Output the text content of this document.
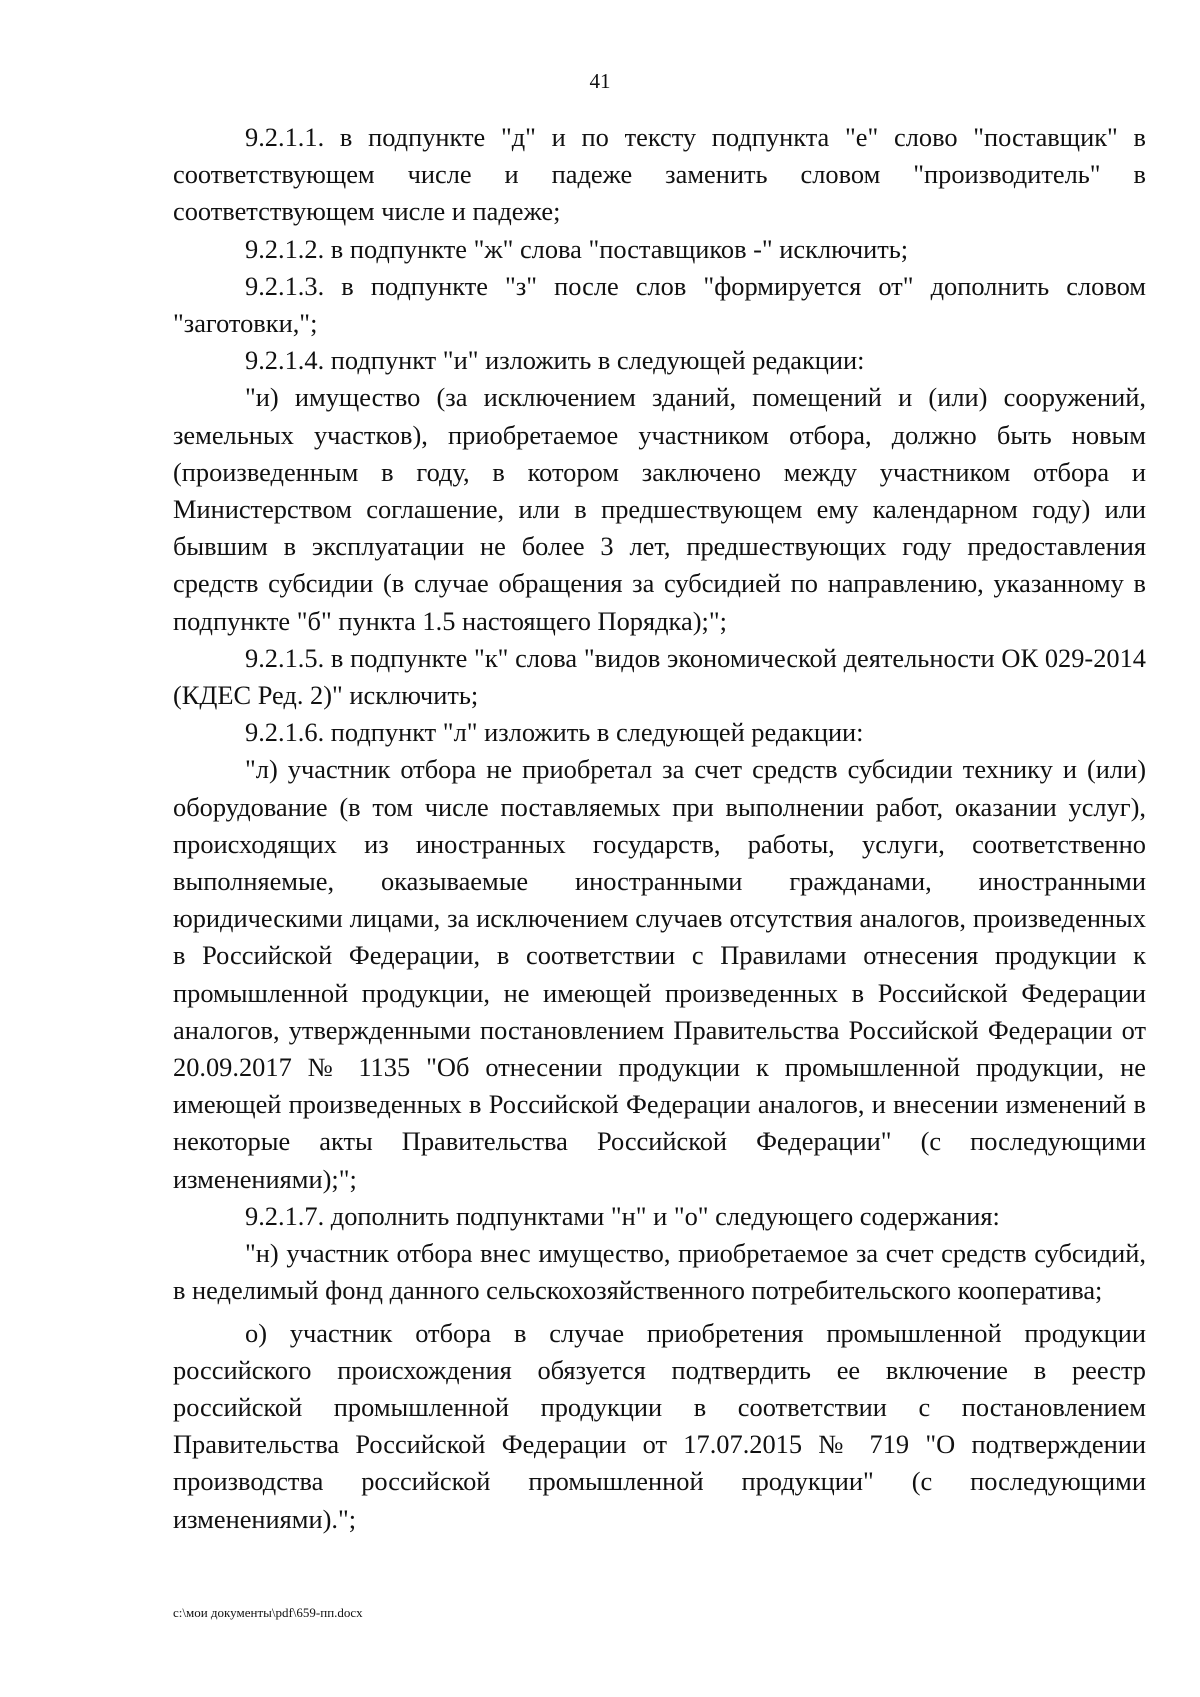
41

9.2.1.1. в подпункте "д" и по тексту подпункта "е" слово "поставщик" в соответствующем числе и падеже заменить словом "производитель" в соответствующем числе и падеже;

9.2.1.2. в подпункте "ж" слова "поставщиков -" исключить;

9.2.1.3. в подпункте "з" после слов "формируется от" дополнить словом "заготовки,";

9.2.1.4. подпункт "и" изложить в следующей редакции:

"и) имущество (за исключением зданий, помещений и (или) сооружений, земельных участков), приобретаемое участником отбора, должно быть новым (произведенным в году, в котором заключено между участником отбора и Министерством соглашение, или в предшествующем ему календарном году) или бывшим в эксплуатации не более 3 лет, предшествующих году предоставления средств субсидии (в случае обращения за субсидией по направлению, указанному в подпункте "б" пункта 1.5 настоящего Порядка);";

9.2.1.5. в подпункте "к" слова "видов экономической деятельности ОК 029-2014 (КДЕС Ред. 2)" исключить;

9.2.1.6. подпункт "л" изложить в следующей редакции:

"л) участник отбора не приобретал за счет средств субсидии технику и (или) оборудование (в том числе поставляемых при выполнении работ, оказании услуг), происходящих из иностранных государств, работы, услуги, соответственно выполняемые, оказываемые иностранными гражданами, иностранными юридическими лицами, за исключением случаев отсутствия аналогов, произведенных в Российской Федерации, в соответствии с Правилами отнесения продукции к промышленной продукции, не имеющей произведенных в Российской Федерации аналогов, утвержденными постановлением Правительства Российской Федерации от 20.09.2017 № 1135 "Об отнесении продукции к промышленной продукции, не имеющей произведенных в Российской Федерации аналогов, и внесении изменений в некоторые акты Правительства Российской Федерации" (с последующими изменениями);";

9.2.1.7. дополнить подпунктами "н" и "о" следующего содержания:

"н) участник отбора внес имущество, приобретаемое за счет средств субсидий, в неделимый фонд данного сельскохозяйственного потребительского кооператива;

о) участник отбора в случае приобретения промышленной продукции российского происхождения обязуется подтвердить ее включение в реестр российской промышленной продукции в соответствии с постановлением Правительства Российской Федерации от 17.07.2015 № 719 "О подтверждении производства российской промышленной продукции" (с последующими изменениями).";

c:\мои документы\pdf\659-пп.docx
